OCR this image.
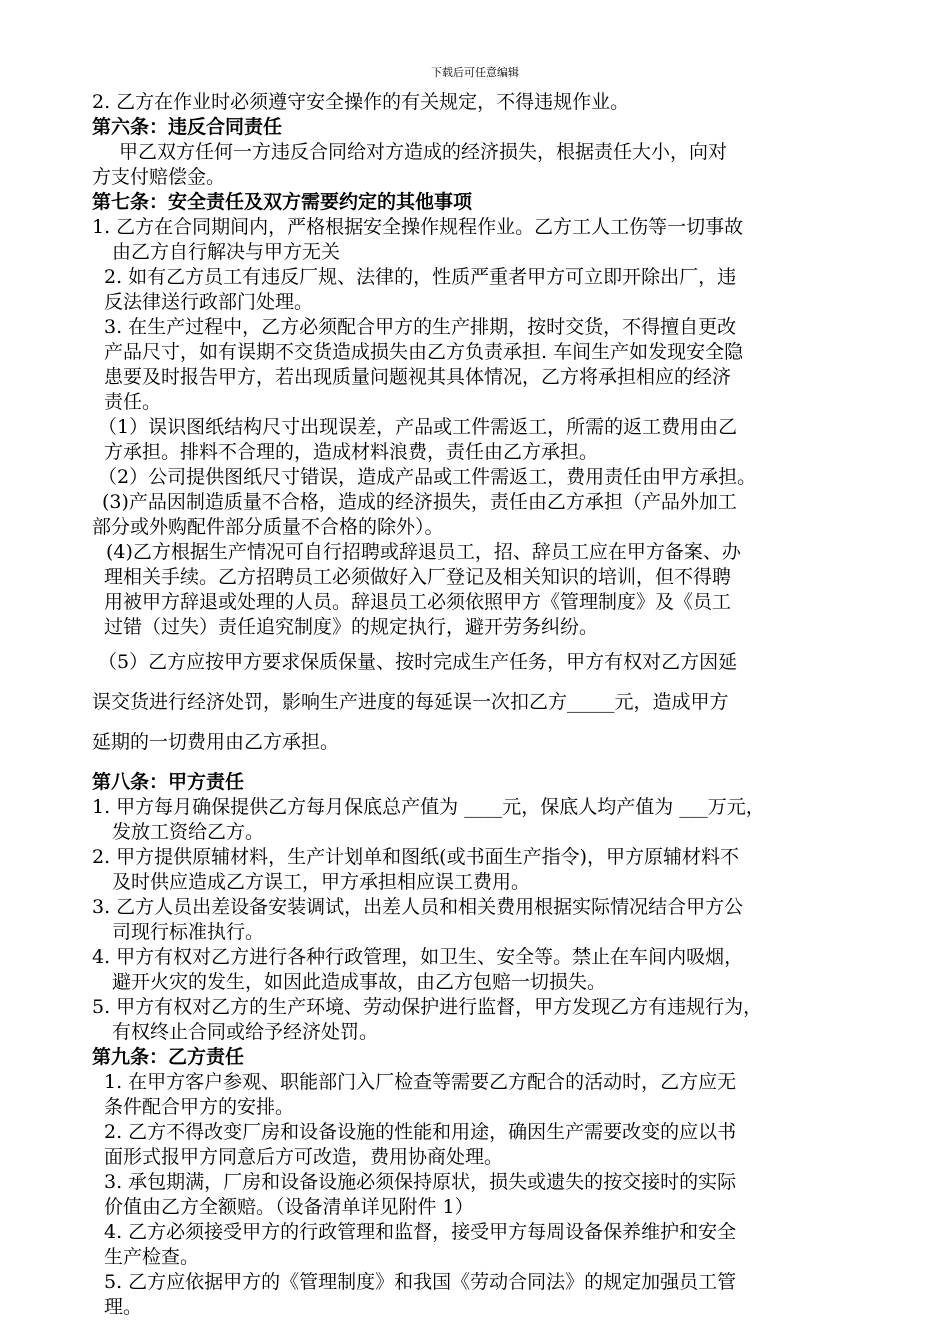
下载后可任意编辑
2. 乙方在作业时必须遵守安全操作的有关规定，不得违规作业。
第六条：违反合同责任
甲乙双方任何一方违反合同给对方造成的经济损失，根据责任大小，向对
方支付赔偿金。
第七条：安全责任及双方需要约定的其他事项
1. 乙方在合同期间内，严格根据安全操作规程作业。乙方工人工伤等一切事故
由乙方自行解决与甲方无关
2. 如有乙方员工有违反厂规、法律的，性质严重者甲方可立即开除出厂，违
反法律送行政部门处理。
3. 在生产过程中，乙方必须配合甲方的生产排期，按时交货，不得擅自更改
产品尺寸，如有误期不交货造成损失由乙方负责承担. 车间生产如发现安全隐
患要及时报告甲方，若出现质量问题视其具体情况，乙方将承担相应的经济
责任。
（1）误识图纸结构尺寸出现误差，产品或工件需返工，所需的返工费用由乙
方承担。排料不合理的，造成材料浪费，责任由乙方承担。
（2）公司提供图纸尺寸错误，造成产品或工件需返工，费用责任由甲方承担。
(3)产品因制造质量不合格，造成的经济损失，责任由乙方承担（产品外加工
部分或外购配件部分质量不合格的除外）。
(4)乙方根据生产情况可自行招聘或辞退员工，招、辞员工应在甲方备案、办
理相关手续。乙方招聘员工必须做好入厂登记及相关知识的培训，但不得聘
用被甲方辞退或处理的人员。辞退员工必须依照甲方《管理制度》及《员工
过错（过失）责任追究制度》的规定执行，避开劳务纠纷。
（5）乙方应按甲方要求保质保量、按时完成生产任务，甲方有权对乙方因延
误交货进行经济处罚，影响生产进度的每延误一次扣乙方_____元，造成甲方
延期的一切费用由乙方承担。
第八条：甲方责任
1. 甲方每月确保提供乙方每月保底总产值为 ____元，保底人均产值为 ___万元，
发放工资给乙方。
2. 甲方提供原辅材料，生产计划单和图纸(或书面生产指令)，甲方原辅材料不
及时供应造成乙方误工，甲方承担相应误工费用。
3. 乙方人员出差设备安装调试，出差人员和相关费用根据实际情况结合甲方公
司现行标准执行。
4. 甲方有权对乙方进行各种行政管理，如卫生、安全等。禁止在车间内吸烟，
避开火灾的发生，如因此造成事故，由乙方包赔一切损失。
5. 甲方有权对乙方的生产环境、劳动保护进行监督，甲方发现乙方有违规行为，
有权终止合同或给予经济处罚。
第九条：乙方责任
1. 在甲方客户参观、职能部门入厂检查等需要乙方配合的活动时，乙方应无
条件配合甲方的安排。
2. 乙方不得改变厂房和设备设施的性能和用途，确因生产需要改变的应以书
面形式报甲方同意后方可改造，费用协商处理。
3. 承包期满，厂房和设备设施必须保持原状，损失或遗失的按交接时的实际
价值由乙方全额赔。（设备清单详见附件 1）
4. 乙方必须接受甲方的行政管理和监督，接受甲方每周设备保养维护和安全
生产检查。
5. 乙方应依据甲方的《管理制度》和我国《劳动合同法》的规定加强员工管
理。
